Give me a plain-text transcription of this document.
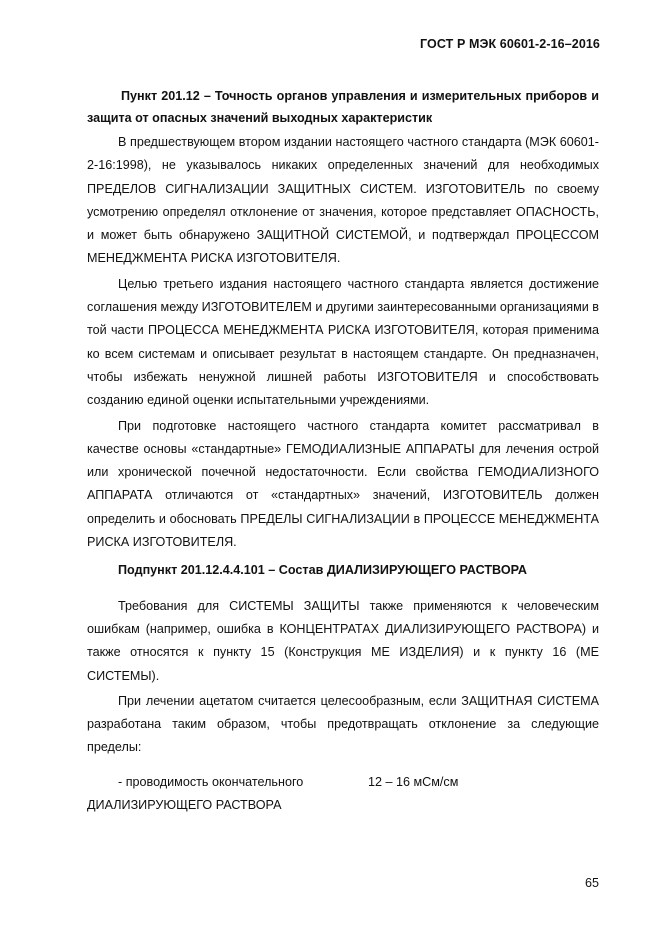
ГОСТ Р МЭК 60601-2-16–2016
Пункт 201.12 – Точность органов управления и измерительных приборов и защита от опасных значений выходных характеристик

В предшествующем втором издании настоящего частного стандарта (МЭК 60601-2-16:1998), не указывалось никаких определенных значений для необходимых ПРЕДЕЛОВ СИГНАЛИЗАЦИИ ЗАЩИТНЫХ СИСТЕМ. ИЗГОТОВИТЕЛЬ по своему усмотрению определял отклонение от значения, которое представляет ОПАСНОСТЬ, и может быть обнаружено ЗАЩИТНОЙ СИСТЕМОЙ, и подтверждал ПРОЦЕССОМ МЕНЕДЖМЕНТА РИСКА ИЗГОТОВИТЕЛЯ.

Целью третьего издания настоящего частного стандарта является достижение соглашения между ИЗГОТОВИТЕЛЕМ и другими заинтересованными организациями в той части ПРОЦЕССА МЕНЕДЖМЕНТА РИСКА ИЗГОТОВИТЕЛЯ, которая применима ко всем системам и описывает результат в настоящем стандарте. Он предназначен, чтобы избежать ненужной лишней работы ИЗГОТОВИТЕЛЯ и способствовать созданию единой оценки испытательными учреждениями.

При подготовке настоящего частного стандарта комитет рассматривал в качестве основы «стандартные» ГЕМОДИАЛИЗНЫЕ АППАРАТЫ для лечения острой или хронической почечной недостаточности. Если свойства ГЕМОДИАЛИЗНОГО АППАРАТА отличаются от «стандартных» значений, ИЗГОТОВИТЕЛЬ должен определить и обосновать ПРЕДЕЛЫ СИГНАЛИЗАЦИИ в ПРОЦЕССЕ МЕНЕДЖМЕНТА РИСКА ИЗГОТОВИТЕЛЯ.

Подпункт 201.12.4.4.101 – Состав ДИАЛИЗИРУЮЩЕГО РАСТВОРА

Требования для СИСТЕМЫ ЗАЩИТЫ также применяются к человеческим ошибкам (например, ошибка в КОНЦЕНТРАТАХ ДИАЛИЗИРУЮЩЕГО РАСТВОРА) и также относятся к пункту 15 (Конструкция МЕ ИЗДЕЛИЯ) и к пункту 16 (МЕ СИСТЕМЫ).

При лечении ацетатом считается целесообразным, если ЗАЩИТНАЯ СИСТЕМА разработана таким образом, чтобы предотвращать отклонение за следующие пределы:

- проводимость окончательного	12 – 16 мСм/см
ДИАЛИЗИРУЮЩЕГО РАСТВОРА
65
